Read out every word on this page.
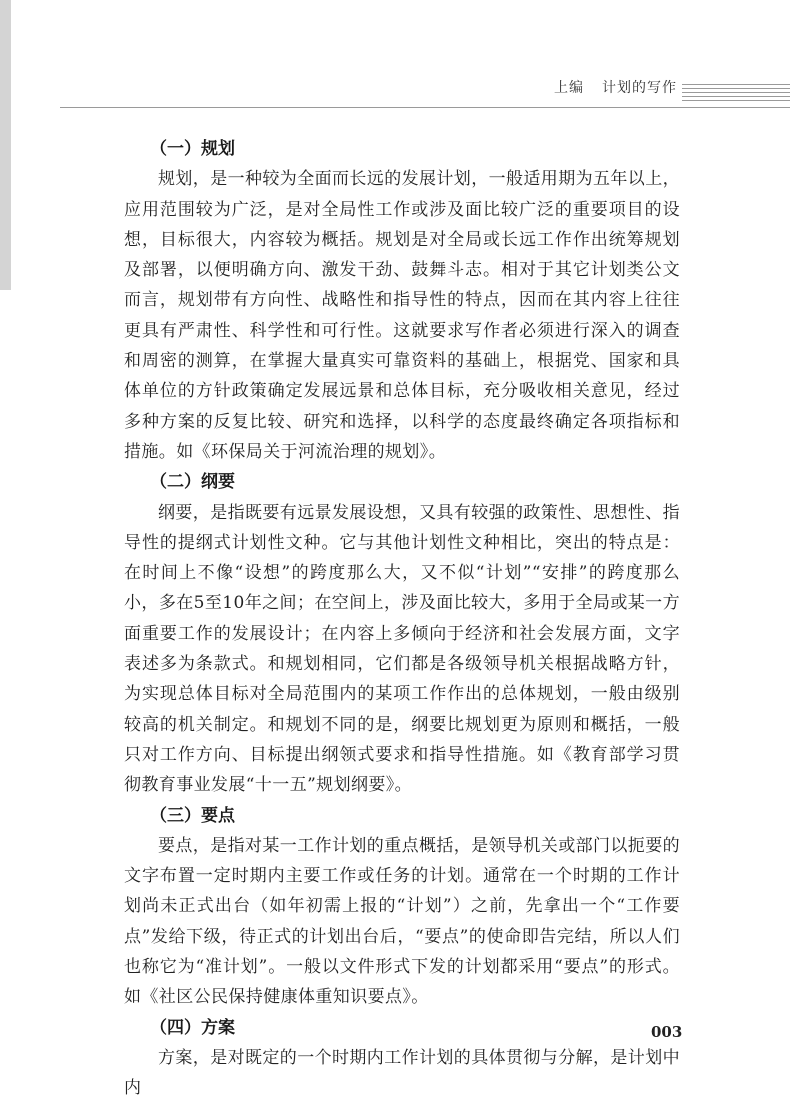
上编 计划的写作
（一）规划

规划，是一种较为全面而长远的发展计划，一般适用期为五年以上，应用范围较为广泛，是对全局性工作或涉及面比较广泛的重要项目的设想，目标很大，内容较为概括。规划是对全局或长远工作作出统筹规划及部署，以便明确方向、激发干劲、鼓舞斗志。相对于其它计划类公文而言，规划带有方向性、战略性和指导性的特点，因而在其内容上往往更具有严肃性、科学性和可行性。这就要求写作者必须进行深入的调查和周密的测算，在掌握大量真实可靠资料的基础上，根据党、国家和具体单位的方针政策确定发展远景和总体目标，充分吸收相关意见，经过多种方案的反复比较、研究和选择，以科学的态度最终确定各项指标和措施。如《环保局关于河流治理的规划》。

（二）纲要

纲要，是指既要有远景发展设想，又具有较强的政策性、思想性、指导性的提纲式计划性文种。它与其他计划性文种相比，突出的特点是：在时间上不像“设想”的跨度那么大，又不似“计划”“安排”的跨度那么小，多在5至10年之间；在空间上，涉及面比较大，多用于全局或某一方面重要工作的发展设计；在内容上多倾向于经济和社会发展方面，文字表述多为条款式。和规划相同，它们都是各级领导机关根据战略方针，为实现总体目标对全局范围内的某项工作作出的总体规划，一般由级别较高的机关制定。和规划不同的是，纲要比规划更为原则和概括，一般只对工作方向、目标提出纲领式要求和指导性措施。如《教育部学习贯彻教育事业发展“十一五”规划纲要》。

（三）要点

要点，是指对某一工作计划的重点概括，是领导机关或部门以扼要的文字布置一定时期内主要工作或任务的计划。通常在一个时期的工作计划尚未正式出台（如年初需上报的“计划”）之前，先拿出一个“工作要点”发给下级，待正式的计划出台后，“要点”的使命即告完结，所以人们也称它为“准计划”。一般以文件形式下发的计划都采用“要点”的形式。如《社区公民保持健康体重知识要点》。

（四）方案

方案，是对既定的一个时期内工作计划的具体贯彻与分解，是计划中内

003
